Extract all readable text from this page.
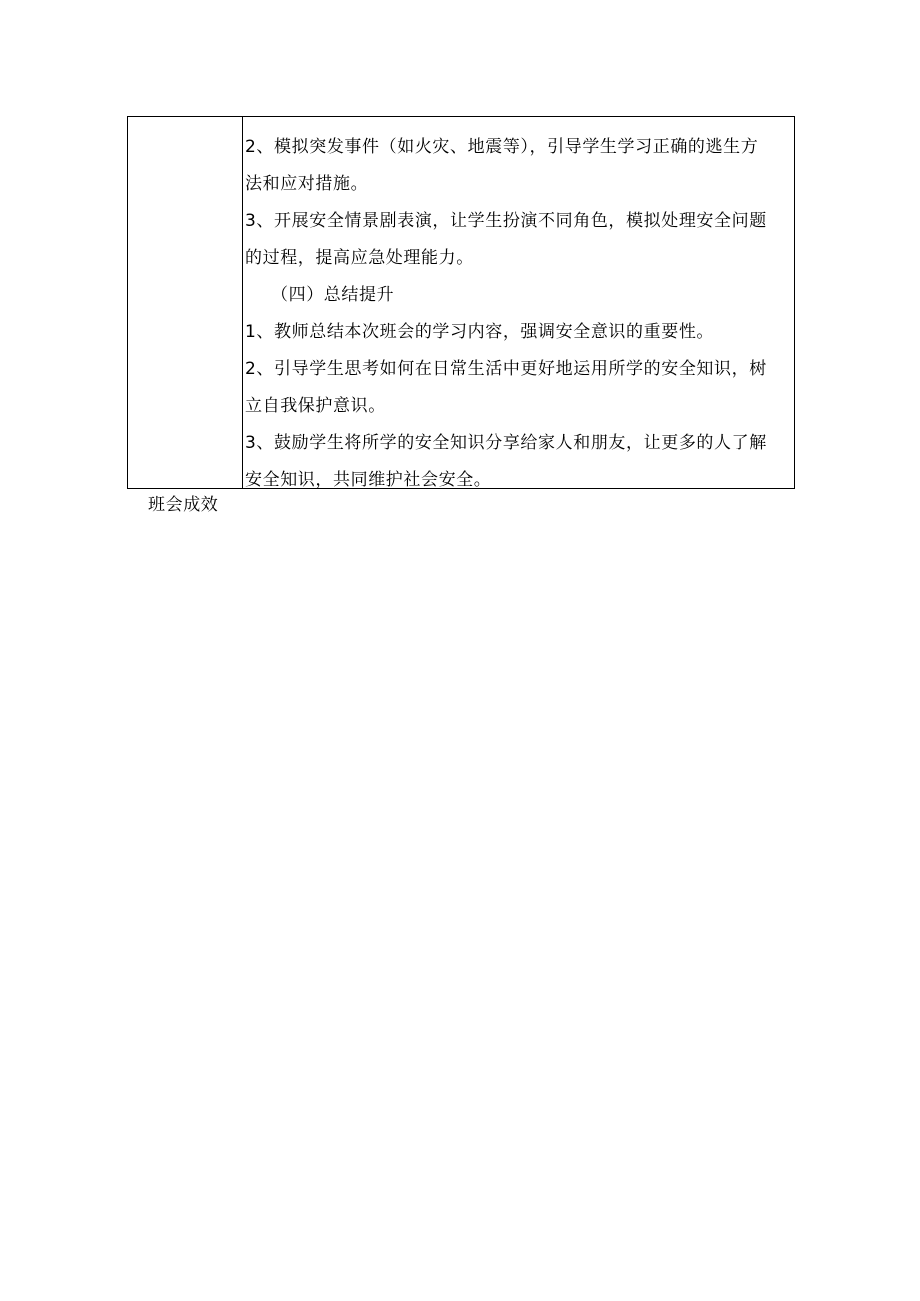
2、模拟突发事件（如火灾、地震等），引导学生学习正确的逃生方

法和应对措施。

3、开展安全情景剧表演，让学生扮演不同角色，模拟处理安全问题

的过程，提高应急处理能力。

（四）总结提升

1、教师总结本次班会的学习内容，强调安全意识的重要性。

2、引导学生思考如何在日常生活中更好地运用所学的安全知识，树

立自我保护意识。

3、鼓励学生将所学的安全知识分享给家人和朋友，让更多的人了解

安全知识，共同维护社会安全。

班会成效
